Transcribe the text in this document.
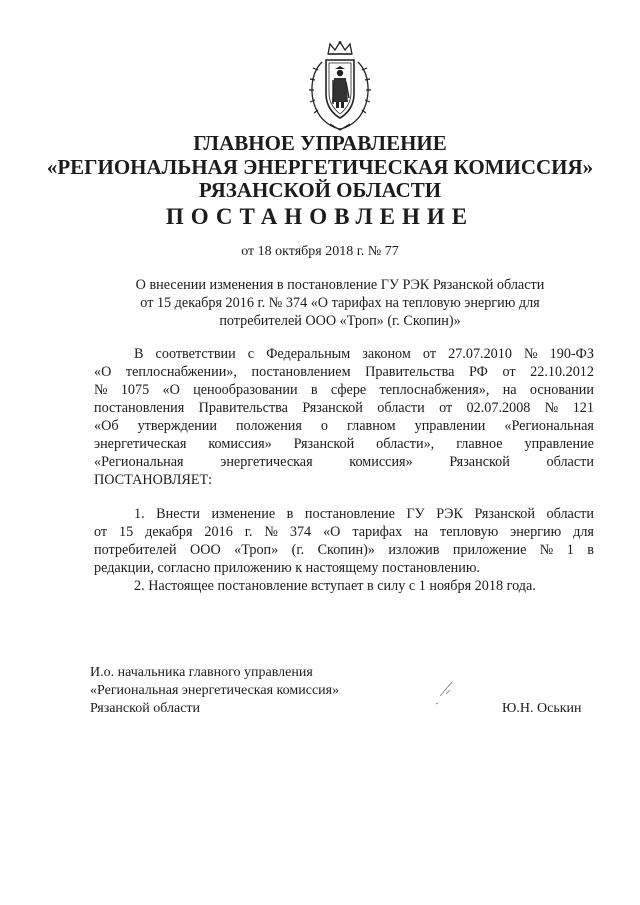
ГЛАВНОЕ УПРАВЛЕНИЕ
«РЕГИОНАЛЬНАЯ ЭНЕРГЕТИЧЕСКАЯ КОМИССИЯ»
РЯЗАНСКОЙ ОБЛАСТИ
ПОСТАНОВЛЕНИЕ
от 18 октября 2018 г. № 77
О внесении изменения в постановление ГУ РЭК Рязанской области
от 15 декабря 2016 г. № 374 «О тарифах на тепловую энергию для
потребителей ООО «Троп» (г. Скопин)»
В соответствии с Федеральным законом от 27.07.2010 № 190-ФЗ
«О теплоснабжении», постановлением Правительства РФ от 22.10.2012
№ 1075 «О ценообразовании в сфере теплоснабжения», на основании
постановления Правительства Рязанской области от 02.07.2008 № 121
«Об утверждении положения о главном управлении «Региональная
энергетическая комиссия» Рязанской области», главное управление
«Региональная	энергетическая	комиссия»	Рязанской	области
ПОСТАНОВЛЯЕТ:
1. Внести изменение в постановление ГУ РЭК Рязанской области
от 15 декабря 2016 г. № 374 «О тарифах на тепловую энергию для
потребителей ООО «Троп» (г. Скопин)» изложив приложение № 1 в
редакции, согласно приложению к настоящему постановлению.
2. Настоящее постановление вступает в силу с 1 ноября 2018 года.
И.о. начальника главного управления
«Региональная энергетическая комиссия»
Рязанской области	Ю.Н. Оськин
